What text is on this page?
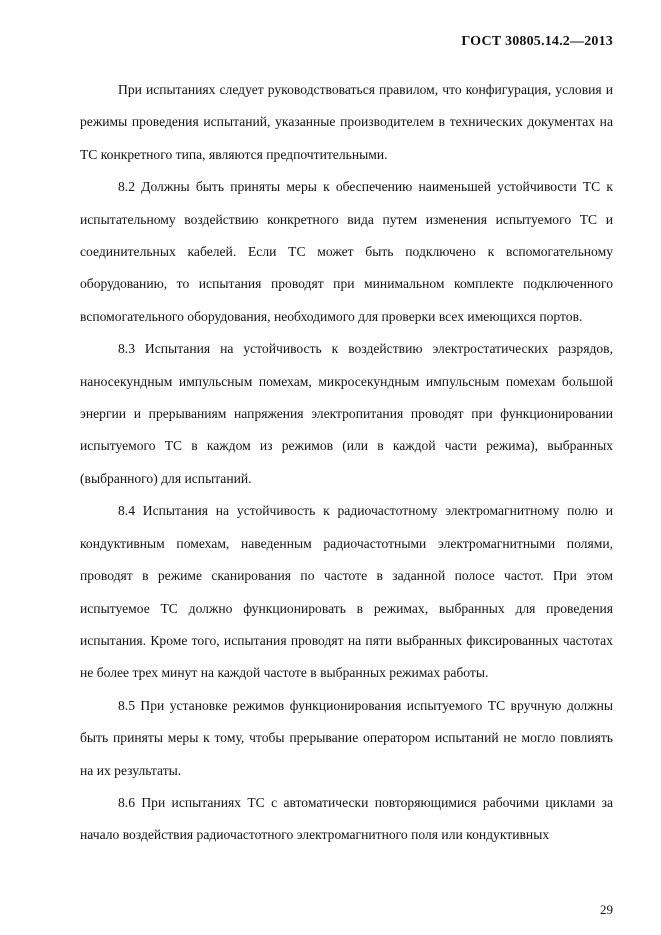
ГОСТ 30805.14.2—2013

При испытаниях следует руководствоваться правилом, что конфигурация, условия и режимы проведения испытаний, указанные производителем в технических документах на ТС конкретного типа, являются предпочтительными.

8.2 Должны быть приняты меры к обеспечению наименьшей устойчивости ТС к испытательному воздействию конкретного вида путем изменения испытуемого ТС и соединительных кабелей. Если ТС может быть подключено к вспомогательному оборудованию, то испытания проводят при минимальном комплекте подключенного вспомогательного оборудования, необходимого для проверки всех имеющихся портов.

8.3 Испытания на устойчивость к воздействию электростатических разрядов, наносекундным импульсным помехам, микросекундным импульсным помехам большой энергии и прерываниям напряжения электропитания проводят при функционировании испытуемого ТС в каждом из режимов (или в каждой части режима), выбранных (выбранного) для испытаний.

8.4 Испытания на устойчивость к радиочастотному электромагнитному полю и кондуктивным помехам, наведенным радиочастотными электромагнитными полями, проводят в режиме сканирования по частоте в заданной полосе частот. При этом испытуемое ТС должно функционировать в режимах, выбранных для проведения испытания. Кроме того, испытания проводят на пяти выбранных фиксированных частотах не более трех минут на каждой частоте в выбранных режимах работы.

8.5 При установке режимов функционирования испытуемого ТС вручную должны быть приняты меры к тому, чтобы прерывание оператором испытаний не могло повлиять на их результаты.

8.6 При испытаниях ТС с автоматически повторяющимися рабочими циклами за начало воздействия радиочастотного электромагнитного поля или кондуктивных

29
